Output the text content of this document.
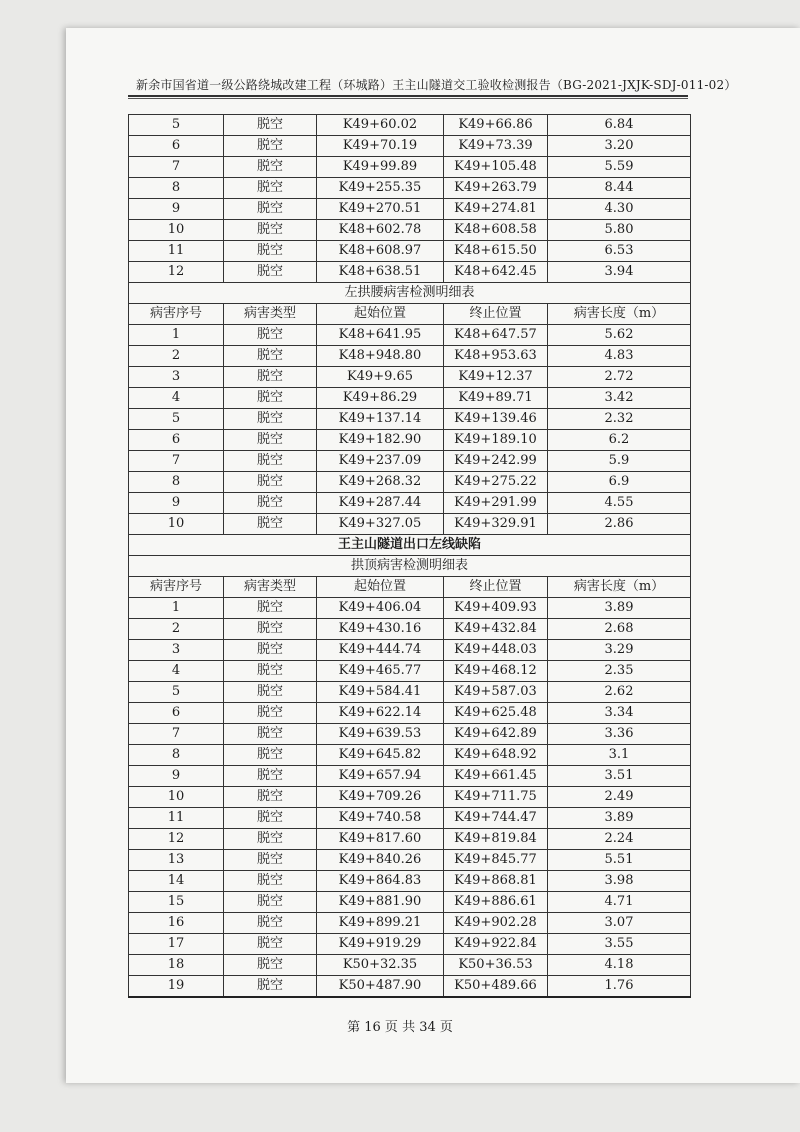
新余市国省道一级公路绕城改建工程（环城路）王主山隧道交工验收检测报告（BG-2021-JXJK-SDJ-011-02）
5	脱空	K49+60.02	K49+66.86	6.84
6	脱空	K49+70.19	K49+73.39	3.20
7	脱空	K49+99.89	K49+105.48	5.59
8	脱空	K49+255.35	K49+263.79	8.44
9	脱空	K49+270.51	K49+274.81	4.30
10	脱空	K48+602.78	K48+608.58	5.80
11	脱空	K48+608.97	K48+615.50	6.53
12	脱空	K48+638.51	K48+642.45	3.94
左拱腰病害检测明细表				
病害序号	病害类型	起始位置	终止位置	病害长度（m）
1	脱空	K48+641.95	K48+647.57	5.62
2	脱空	K48+948.80	K48+953.63	4.83
3	脱空	K49+9.65	K49+12.37	2.72
4	脱空	K49+86.29	K49+89.71	3.42
5	脱空	K49+137.14	K49+139.46	2.32
6	脱空	K49+182.90	K49+189.10	6.2
7	脱空	K49+237.09	K49+242.99	5.9
8	脱空	K49+268.32	K49+275.22	6.9
9	脱空	K49+287.44	K49+291.99	4.55
10	脱空	K49+327.05	K49+329.91	2.86
王主山隧道出口左线缺陷				
拱顶病害检测明细表				
病害序号	病害类型	起始位置	终止位置	病害长度（m）
1	脱空	K49+406.04	K49+409.93	3.89
2	脱空	K49+430.16	K49+432.84	2.68
3	脱空	K49+444.74	K49+448.03	3.29
4	脱空	K49+465.77	K49+468.12	2.35
5	脱空	K49+584.41	K49+587.03	2.62
6	脱空	K49+622.14	K49+625.48	3.34
7	脱空	K49+639.53	K49+642.89	3.36
8	脱空	K49+645.82	K49+648.92	3.1
9	脱空	K49+657.94	K49+661.45	3.51
10	脱空	K49+709.26	K49+711.75	2.49
11	脱空	K49+740.58	K49+744.47	3.89
12	脱空	K49+817.60	K49+819.84	2.24
13	脱空	K49+840.26	K49+845.77	5.51
14	脱空	K49+864.83	K49+868.81	3.98
15	脱空	K49+881.90	K49+886.61	4.71
16	脱空	K49+899.21	K49+902.28	3.07
17	脱空	K49+919.29	K49+922.84	3.55
18	脱空	K50+32.35	K50+36.53	4.18
19	脱空	K50+487.90	K50+489.66	1.76
第 16 页 共 34 页
